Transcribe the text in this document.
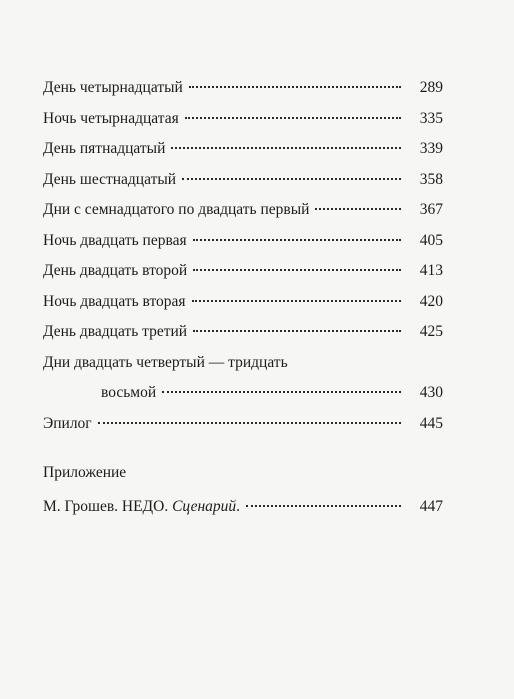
День четырнадцатый	289
Ночь четырнадцатая	335
День пятнадцатый	339
День шестнадцатый	358
Дни с семнадцатого по двадцать первый	367
Ночь двадцать первая	405
День двадцать второй	413
Ночь двадцать вторая	420
День двадцать третий	425
Дни двадцать четвертый — тридцать
восьмой	430
Эпилог	445
Приложение
М. Грошев. НЕДО. Сценарий.	447
